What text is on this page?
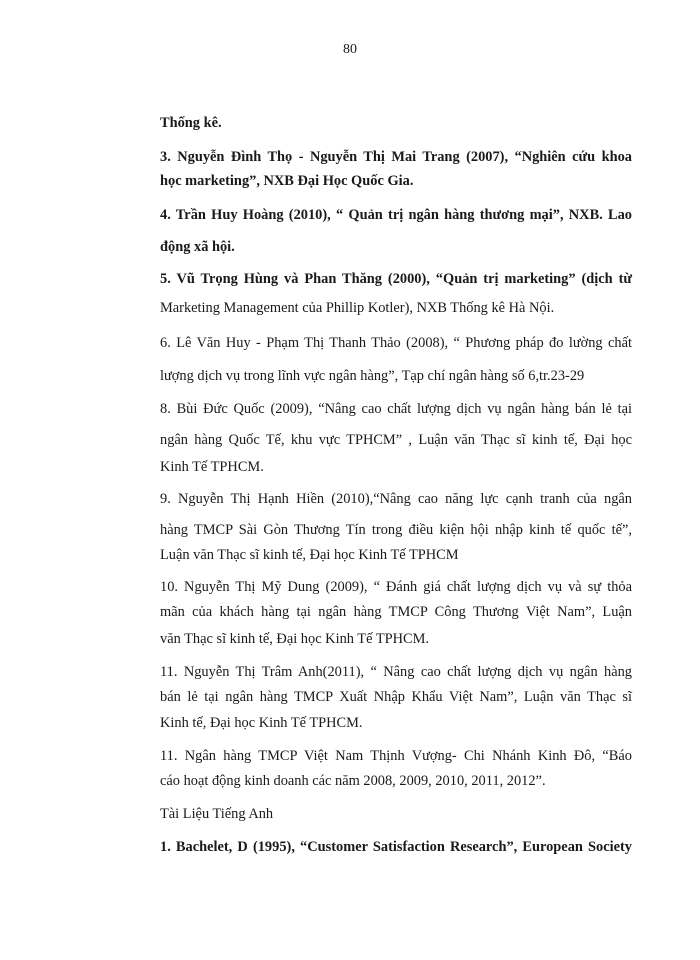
80
Thống kê.
3. Nguyễn Đình Thọ - Nguyễn Thị Mai Trang (2007), “Nghiên cứu khoa
học marketing”, NXB Đại Học Quốc Gia.
4. Trần Huy Hoàng (2010), “ Quản trị ngân hàng thương mại”, NXB. Lao
động xã hội.
5. Vũ Trọng Hùng và Phan Thăng (2000), “Quản trị marketing” (dịch từ
Marketing Management của Phillip Kotler), NXB Thống kê Hà Nội.
6. Lê Văn Huy - Phạm Thị Thanh Thảo (2008), “ Phương pháp đo lường chất
lượng dịch vụ trong lĩnh vực ngân hàng”, Tạp chí ngân hàng số 6,tr.23-29
8. Bùi Đức Quốc (2009), “Nâng cao chất lượng dịch vụ ngân hàng bán lẻ tại
ngân hàng Quốc Tế, khu vực TPHCM” , Luận văn Thạc sĩ kinh tế, Đại học
Kinh Tế TPHCM.
9. Nguyễn Thị Hạnh Hiền (2010),“Nâng cao năng lực cạnh tranh của ngân
hàng TMCP Sài Gòn Thương Tín trong điều kiện hội nhập kinh tế quốc tế”,
Luận văn Thạc sĩ kinh tế, Đại học Kinh Tế TPHCM
10. Nguyễn Thị Mỹ Dung (2009), “ Đánh giá chất lượng dịch vụ và sự thỏa
mãn của khách hàng tại ngân hàng TMCP Công Thương Việt Nam”, Luận
văn Thạc sĩ kinh tế, Đại học Kinh Tế TPHCM.
11. Nguyễn Thị Trâm Anh(2011), “ Nâng cao chất lượng dịch vụ ngân hàng
bán lẻ tại ngân hàng TMCP Xuất Nhập Khẩu Việt Nam”, Luận văn Thạc sĩ
Kinh tế, Đại học Kinh Tế TPHCM.
11. Ngân hàng TMCP Việt Nam Thịnh Vượng- Chi Nhánh Kinh Đô, “Báo
cáo hoạt động kinh doanh các năm 2008, 2009, 2010, 2011, 2012”.
Tài Liệu Tiếng Anh
1. Bachelet, D (1995), “Customer Satisfaction Research”, European Society
